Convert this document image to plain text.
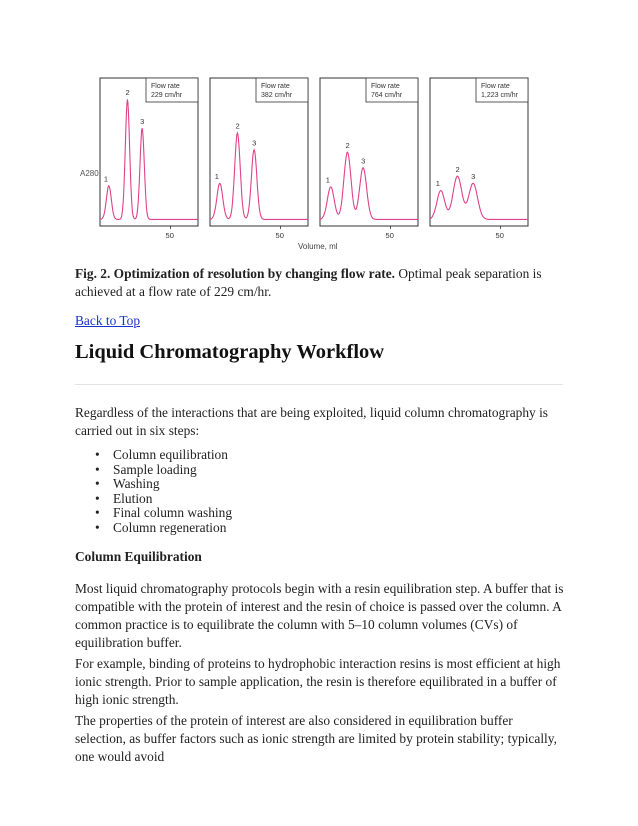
A280
Flow rate
229 cm/hr
50
1
2
3
Flow rate
382 cm/hr
50
1
2
3
Flow rate
764 cm/hr
50
1
2
3
Flow rate
1,223 cm/hr
50
1
2
3
Volume, ml

Fig. 2. Optimization of resolution by changing flow rate. Optimal peak separation is achieved at a flow rate of 229 cm/hr.

Back to Top
Liquid Chromatography Workflow

Regardless of the interactions that are being exploited, liquid column chromatography is carried out in six steps:

• Column equilibration
• Sample loading
• Washing
• Elution
• Final column washing
• Column regeneration
Column Equilibration

Most liquid chromatography protocols begin with a resin equilibration step. A buffer that is compatible with the protein of interest and the resin of choice is passed over the column. A common practice is to equilibrate the column with 5–10 column volumes (CVs) of equilibration buffer.

For example, binding of proteins to hydrophobic interaction resins is most efficient at high ionic strength. Prior to sample application, the resin is therefore equilibrated in a buffer of high ionic strength.

The properties of the protein of interest are also considered in equilibration buffer selection, as buffer factors such as ionic strength are limited by protein stability; typically, one would avoid
